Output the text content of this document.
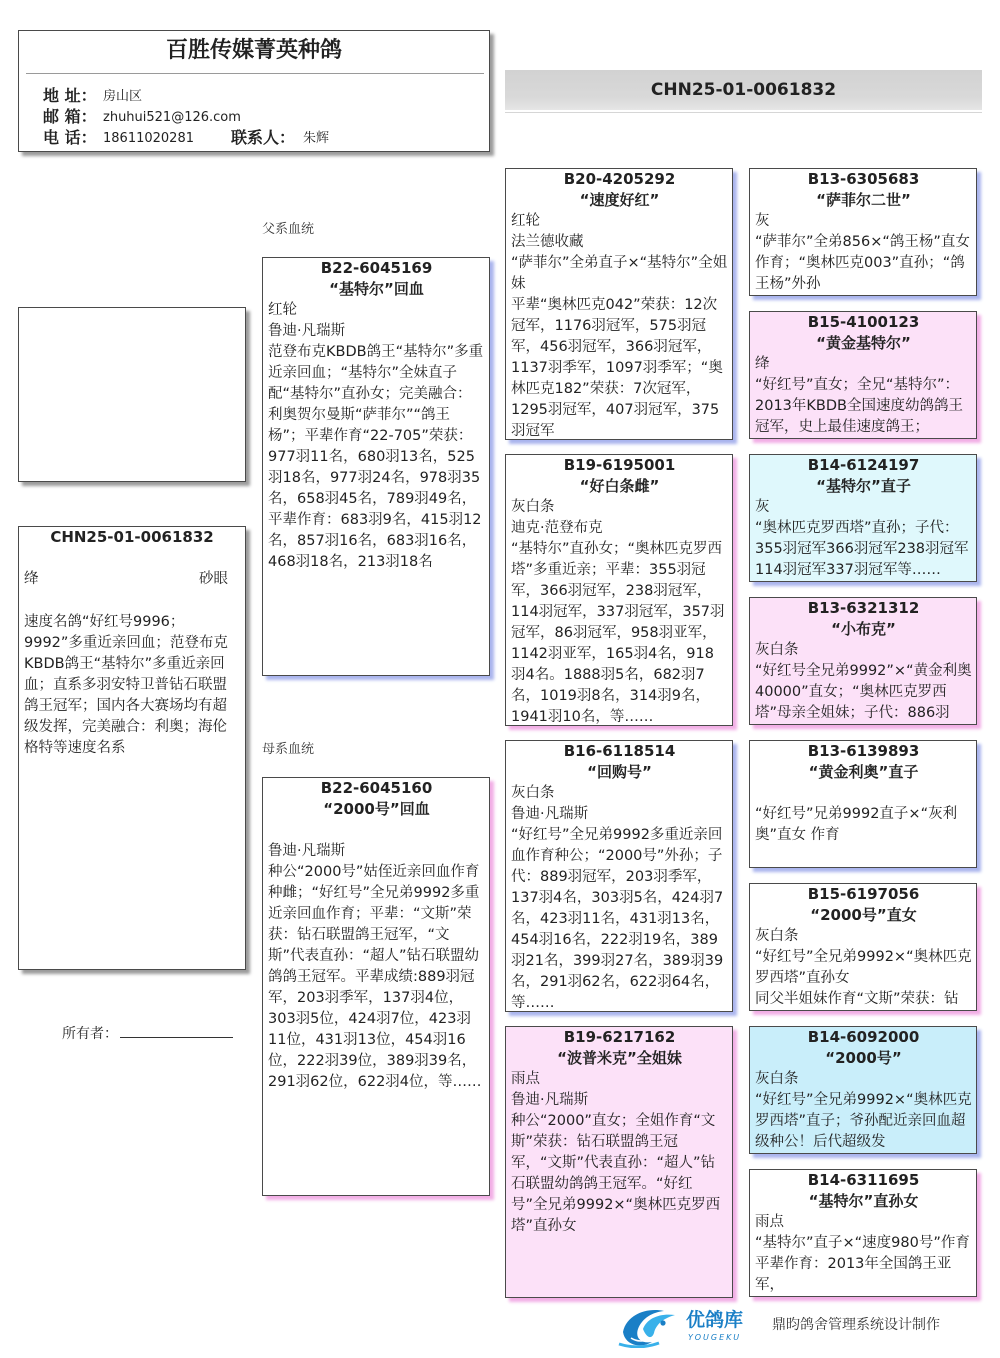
百胜传媒菁英种鸽
地 址： 房山区
邮 箱： zhuhui521@126.com
电 话： 18611020281 联系人： 朱辉
CHN25-01-0061832
CHN25-01-0061832
绛	砂眼

速度名鸽“好红号9996；9992”多重近亲回血；范登布克KBDB鸽王“基特尔”多重近亲回血；直系多羽安特卫普钻石联盟鸽王冠军；国内各大赛场均有超级发挥，完美融合：利奥；海伦格特等速度名系

所有者：
父系血统
母系血统
B22-6045169
“基特尔”回血
红轮
鲁迪·凡瑞斯

范登布克KBDB鸽王“基特尔”多重近亲回血；“基特尔”全妹直子配“基特尔”直孙女；完美融合：利奥贺尔曼斯“萨菲尔”“鸽王杨”；平辈作育“22-705”荣获：977羽11名，680羽13名，525羽18名，977羽24名，978羽35名，658羽45名，789羽49名，平辈作育：683羽9名，415羽12名，857羽16名，683羽16名，468羽18名，213羽18名

B22-6045160
“2000号”回血
鲁迪·凡瑞斯

种公“2000号”姑侄近亲回血作育种雌；“好红号”全兄弟9992多重近亲回血作育；平辈：“文斯”荣获：钻石联盟鸽王冠军，“文斯”代表直孙：“超人”钻石联盟幼鸽鸽王冠军。平辈成绩:889羽冠军，203羽季军，137羽4位，303羽5位，424羽7位，423羽11位，431羽13位，454羽16位，222羽39位，389羽39名，291羽62位，622羽4位，等……

B20-4205292
“速度好红”
红轮
法兰德收藏

“萨菲尔”全弟直子×“基特尔”全姐妹

平辈“奥林匹克042”荣获：12次冠军，1176羽冠军，575羽冠军，456羽冠军，366羽冠军，1137羽季军，1097羽季军；“奥林匹克182”荣获：7次冠军，1295羽冠军，407羽冠军，375羽冠军

B19-6195001
“好白条雌”
灰白条
迪克·范登布克

“基特尔”直孙女；“奥林匹克罗西塔”多重近亲；平辈：355羽冠军，366羽冠军，238羽冠军，114羽冠军，337羽冠军，357羽冠军，86羽冠军，958羽亚军，1142羽亚军，165羽4名，918羽4名。1888羽5名，682羽7名，1019羽8名，314羽9名，1941羽10名，等……

B16-6118514
“回购号”
灰白条
鲁迪·凡瑞斯

“好红号”全兄弟9992多重近亲回血作育种公；“2000号”外孙；子代：889羽冠军，203羽季军，137羽4名，303羽5名，424羽7名，423羽11名，431羽13名，454羽16名，222羽19名，389羽21名，399羽27名，389羽39名，291羽62名，622羽64名，等……

B19-6217162
“波普米克”全姐妹
雨点
鲁迪·凡瑞斯

种公“2000”直女；全姐作育“文斯”荣获：钻石联盟鸽王冠军，“文斯”代表直孙：“超人”钻石联盟幼鸽鸽王冠军。“好红号”全兄弟9992×“奥林匹克罗西塔”直孙女

B13-6305683
“萨菲尔二世”
灰

“萨菲尔”全弟856×“鸽王杨”直女作育；“奥林匹克003”直孙；“鸽王杨”外孙

B15-4100123
“黄金基特尔”
绛

“好红号”直女；全兄“基特尔”：2013年KBDB全国速度幼鸽鸽王冠军，史上最佳速度鸽王；

B14-6124197
“基特尔”直子
灰

“奥林匹克罗西塔”直孙；子代：355羽冠军366羽冠军238羽冠军114羽冠军337羽冠军等……

B13-6321312
“小布克”
灰白条

“好红号全兄弟9992”×“黄金利奥40000”直女；“奥林匹克罗西塔”母亲全姐妹；子代：886羽

B13-6139893
“黄金利奥”直子

“好红号”兄弟9992直子×“灰利奥”直女 作育

B15-6197056
“2000号”直女
灰白条

“好红号”全兄弟9992×“奥林匹克罗西塔”直孙女

同父半姐妹作育“文斯”荣获：钻

B14-6092000
“2000号”
灰白条

“好红号”全兄弟9992×“奥林匹克罗西塔”直子；爷孙配近亲回血超级种公！后代超级发

B14-6311695
“基特尔”直孙女
雨点

“基特尔”直子×“速度980号”作育平辈作育：2013年全国鸽王亚军，

优鸽库
YOUGEKU
鼎昀鸽舍管理系统设计制作
